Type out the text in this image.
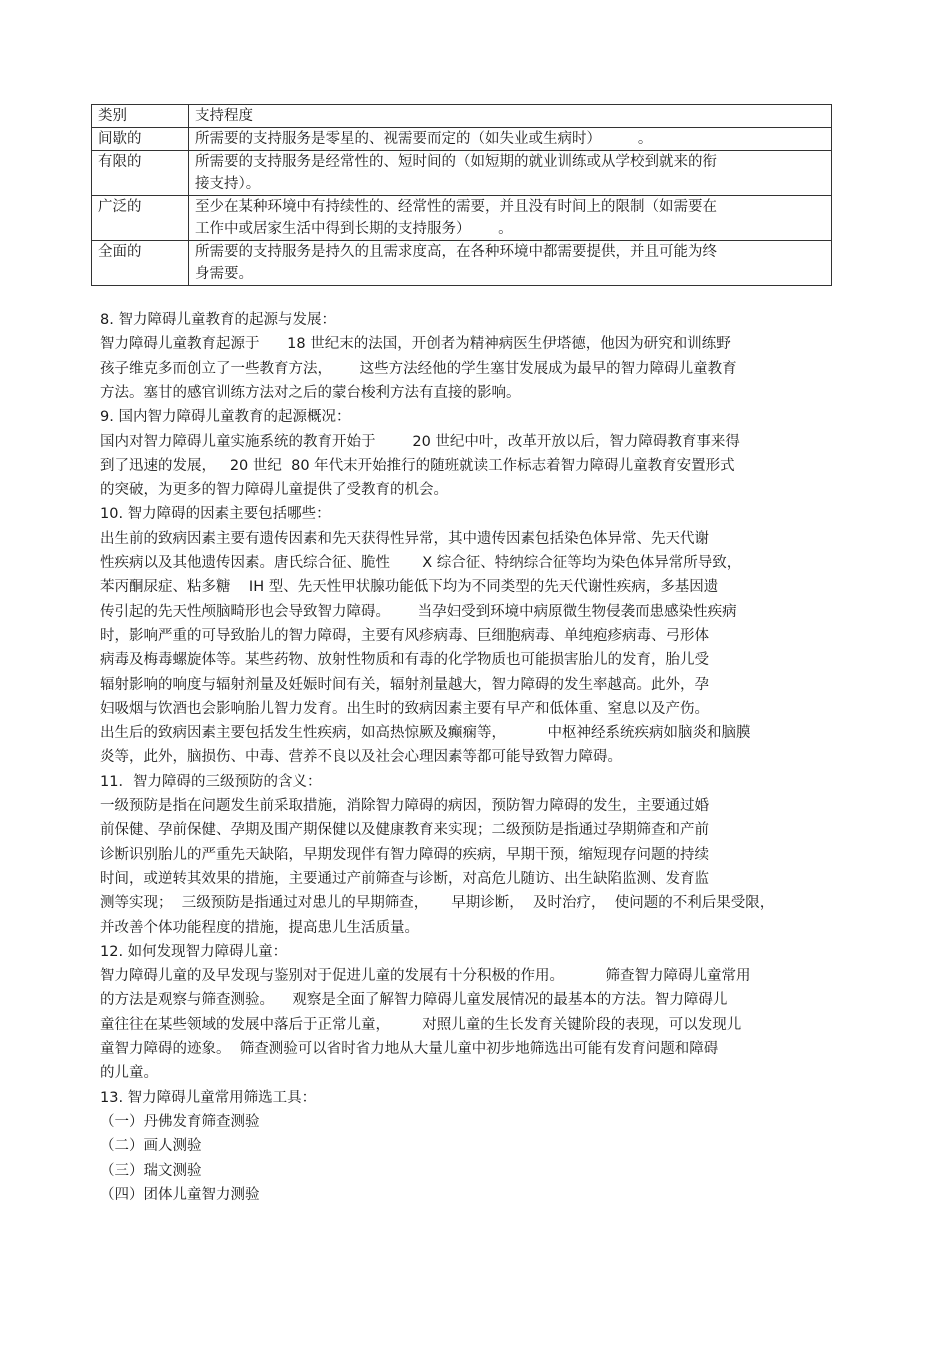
类别	支持程度
间歇的	所需要的支持服务是零星的、视需要而定的（如失业或生病时）        。

有限的	所需要的支持服务是经常性的、短时间的（如短期的就业训练或从学校到就来的衔
接支持）。

广泛的	至少在某种环境中有持续性的、经常性的需要，并且没有时间上的限制（如需要在
工作中或居家生活中得到长期的支持服务）      。

全面的	所需要的支持服务是持久的且需求度高，在各种环境中都需要提供，并且可能为终
身需要。
8. 智力障碍儿童教育的起源与发展：
智力障碍儿童教育起源于      18 世纪末的法国，开创者为精神病医生伊塔德，他因为研究和训练野
孩子维克多而创立了一些教育方法，      这些方法经他的学生塞甘发展成为最早的智力障碍儿童教育
方法。塞甘的感官训练方法对之后的蒙台梭利方法有直接的影响。
9. 国内智力障碍儿童教育的起源概况：
国内对智力障碍儿童实施系统的教育开始于        20 世纪中叶，改革开放以后，智力障碍教育事来得
到了迅速的发展，   20 世纪  80 年代末开始推行的随班就读工作标志着智力障碍儿童教育安置形式
的突破，为更多的智力障碍儿童提供了受教育的机会。
10. 智力障碍的因素主要包括哪些：
出生前的致病因素主要有遗传因素和先天获得性异常，其中遗传因素包括染色体异常、先天代谢
性疾病以及其他遗传因素。唐氏综合征、脆性       X 综合征、特纳综合征等均为染色体异常所导致，
苯丙酮尿症、粘多糖    IH 型、先天性甲状腺功能低下均为不同类型的先天代谢性疾病，多基因遗
传引起的先天性颅脑畸形也会导致智力障碍。      当孕妇受到环境中病原微生物侵袭而患感染性疾病
时，影响严重的可导致胎儿的智力障碍，主要有风疹病毒、巨细胞病毒、单纯疱疹病毒、弓形体
病毒及梅毒螺旋体等。某些药物、放射性物质和有毒的化学物质也可能损害胎儿的发育，胎儿受
辐射影响的响度与辐射剂量及妊娠时间有关，辐射剂量越大，智力障碍的发生率越高。此外，孕
妇吸烟与饮酒也会影响胎儿智力发育。出生时的致病因素主要有早产和低体重、窒息以及产伤。
出生后的致病因素主要包括发生性疾病，如高热惊厥及癫痫等，         中枢神经系统疾病如脑炎和脑膜
炎等，此外，脑损伤、中毒、营养不良以及社会心理因素等都可能导致智力障碍。
11．智力障碍的三级预防的含义：
一级预防是指在问题发生前采取措施，消除智力障碍的病因，预防智力障碍的发生，主要通过婚
前保健、孕前保健、孕期及围产期保健以及健康教育来实现；二级预防是指通过孕期筛查和产前
诊断识别胎儿的严重先天缺陷，早期发现伴有智力障碍的疾病，早期干预，缩短现存问题的持续
时间，或逆转其效果的措施，主要通过产前筛查与诊断，对高危儿随访、出生缺陷监测、发育监
测等实现；  三级预防是指通过对患儿的早期筛查，     早期诊断，  及时治疗，  使问题的不利后果受限，
并改善个体功能程度的措施，提高患儿生活质量。
12. 如何发现智力障碍儿童：
智力障碍儿童的及早发现与鉴别对于促进儿童的发展有十分积极的作用。         筛查智力障碍儿童常用
的方法是观察与筛查测验。    观察是全面了解智力障碍儿童发展情况的最基本的方法。智力障碍儿
童往往在某些领域的发展中落后于正常儿童，       对照儿童的生长发育关键阶段的表现，可以发现儿
童智力障碍的迹象。  筛查测验可以省时省力地从大量儿童中初步地筛选出可能有发育问题和障碍
的儿童。
13. 智力障碍儿童常用筛选工具：
（一）丹佛发育筛查测验
（二）画人测验
（三）瑞文测验
（四）团体儿童智力测验
